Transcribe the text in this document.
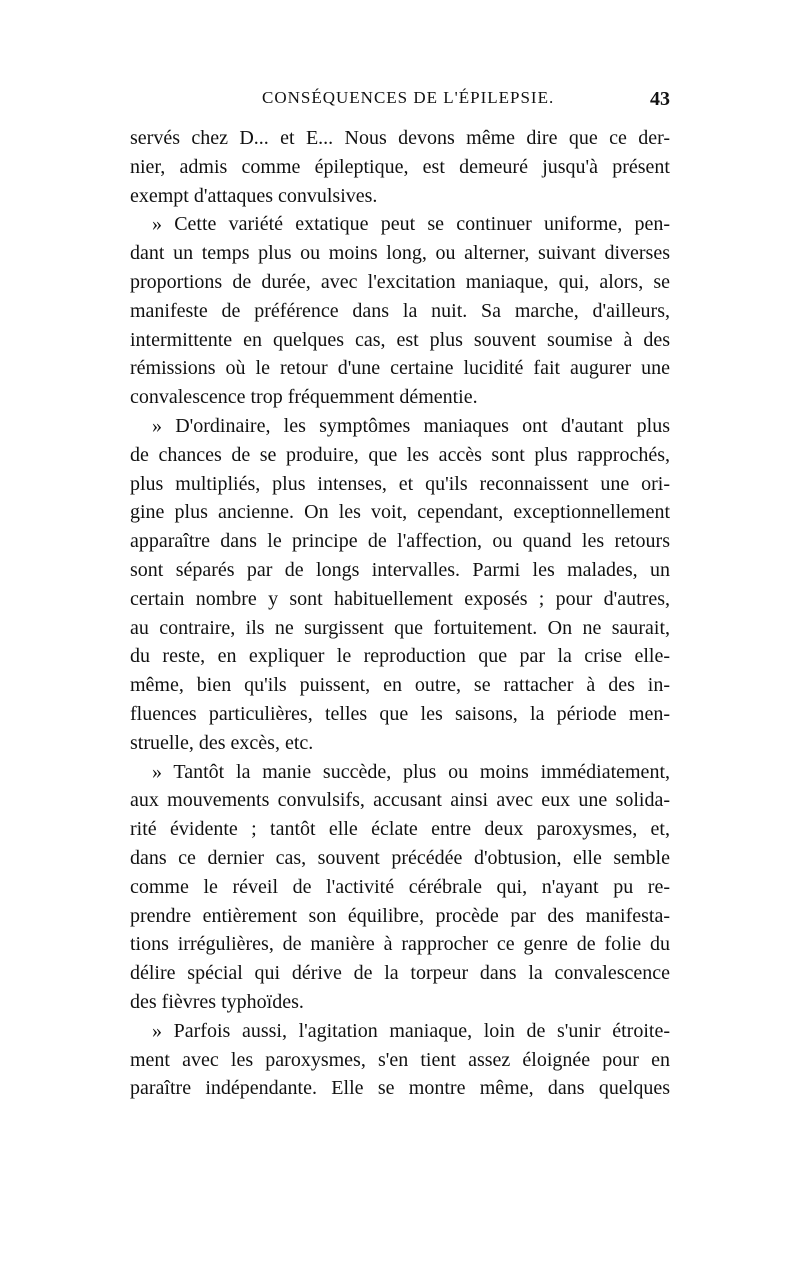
CONSÉQUENCES DE L'ÉPILEPSIE.	43
servés chez D... et E... Nous devons même dire que ce der-
nier, admis comme épileptique, est demeuré jusqu'à présent
exempt d'attaques convulsives.
» Cette variété extatique peut se continuer uniforme, pen-
dant un temps plus ou moins long, ou alterner, suivant diverses
proportions de durée, avec l'excitation maniaque, qui, alors, se
manifeste de préférence dans la nuit. Sa marche, d'ailleurs,
intermittente en quelques cas, est plus souvent soumise à des
rémissions où le retour d'une certaine lucidité fait augurer une
convalescence trop fréquemment démentie.
» D'ordinaire, les symptômes maniaques ont d'autant plus
de chances de se produire, que les accès sont plus rapprochés,
plus multipliés, plus intenses, et qu'ils reconnaissent une ori-
gine plus ancienne. On les voit, cependant, exceptionnellement
apparaître dans le principe de l'affection, ou quand les retours
sont séparés par de longs intervalles. Parmi les malades, un
certain nombre y sont habituellement exposés ; pour d'autres,
au contraire, ils ne surgissent que fortuitement. On ne saurait,
du reste, en expliquer le reproduction que par la crise elle-
même, bien qu'ils puissent, en outre, se rattacher à des in-
fluences particulières, telles que les saisons, la période men-
struelle, des excès, etc.
» Tantôt la manie succède, plus ou moins immédiatement,
aux mouvements convulsifs, accusant ainsi avec eux une solida-
rité évidente ; tantôt elle éclate entre deux paroxysmes, et,
dans ce dernier cas, souvent précédée d'obtusion, elle semble
comme le réveil de l'activité cérébrale qui, n'ayant pu re-
prendre entièrement son équilibre, procède par des manifesta-
tions irrégulières, de manière à rapprocher ce genre de folie du
délire spécial qui dérive de la torpeur dans la convalescence
des fièvres typhoïdes.
» Parfois aussi, l'agitation maniaque, loin de s'unir étroite-
ment avec les paroxysmes, s'en tient assez éloignée pour en
paraître indépendante. Elle se montre même, dans quelques
